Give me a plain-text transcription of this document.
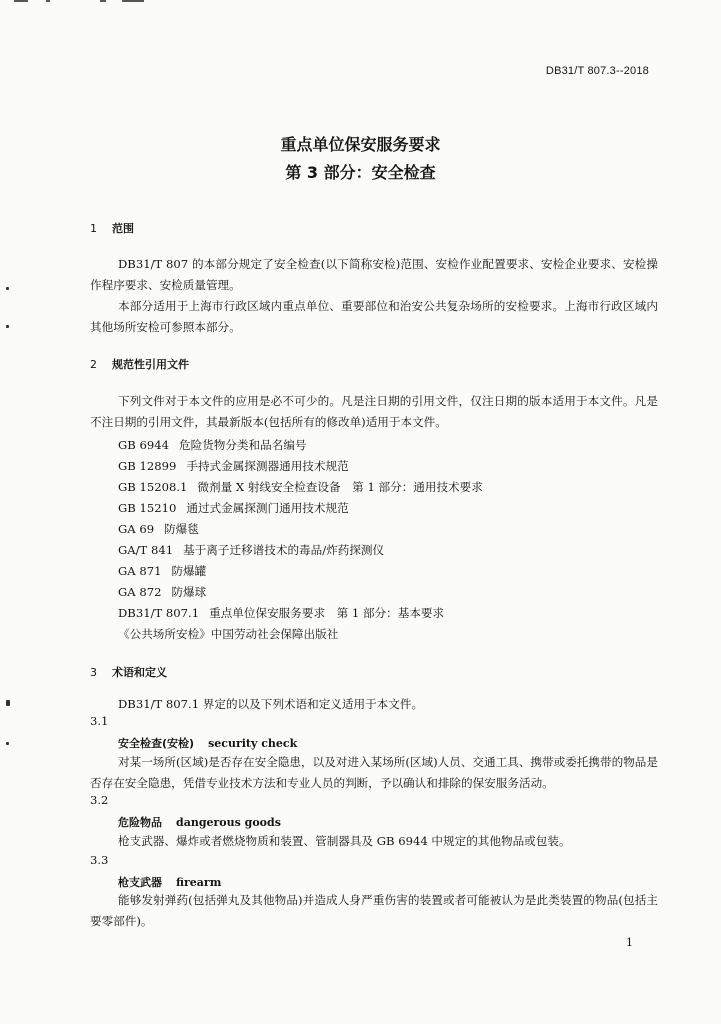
DB31/T 807.3--2018
重点单位保安服务要求
第 3 部分：安全检查
1 范围
DB31/T 807 的本部分规定了安全检查(以下简称安检)范围、安检作业配置要求、安检企业要求、安检操作程序要求、安检质量管理。
本部分适用于上海市行政区域内重点单位、重要部位和治安公共复杂场所的安检要求。上海市行政区域内其他场所安检可参照本部分。
2 规范性引用文件
下列文件对于本文件的应用是必不可少的。凡是注日期的引用文件，仅注日期的版本适用于本文件。凡是不注日期的引用文件，其最新版本(包括所有的修改单)适用于本文件。
GB 6944 危险货物分类和品名编号
GB 12899 手持式金属探测器通用技术规范
GB 15208.1 微剂量 X 射线安全检查设备　第 1 部分：通用技术要求
GB 15210 通过式金属探测门通用技术规范
GA 69 防爆毯
GA/T 841 基于离子迁移谱技术的毒品/炸药探测仪
GA 871 防爆罐
GA 872 防爆球
DB31/T 807.1 重点单位保安服务要求　第 1 部分：基本要求
《公共场所安检》中国劳动社会保障出版社
3 术语和定义
DB31/T 807.1 界定的以及下列术语和定义适用于本文件。
3.1
安全检查(安检) security check
对某一场所(区域)是否存在安全隐患，以及对进入某场所(区域)人员、交通工具、携带或委托携带的物品是否存在安全隐患，凭借专业技术方法和专业人员的判断，予以确认和排除的保安服务活动。
3.2
危险物品 dangerous goods
枪支武器、爆炸或者燃烧物质和装置、管制器具及 GB 6944 中规定的其他物品或包装。
3.3
枪支武器 firearm
能够发射弹药(包括弹丸及其他物品)并造成人身严重伤害的装置或者可能被认为是此类装置的物品(包括主要零部件)。
1
